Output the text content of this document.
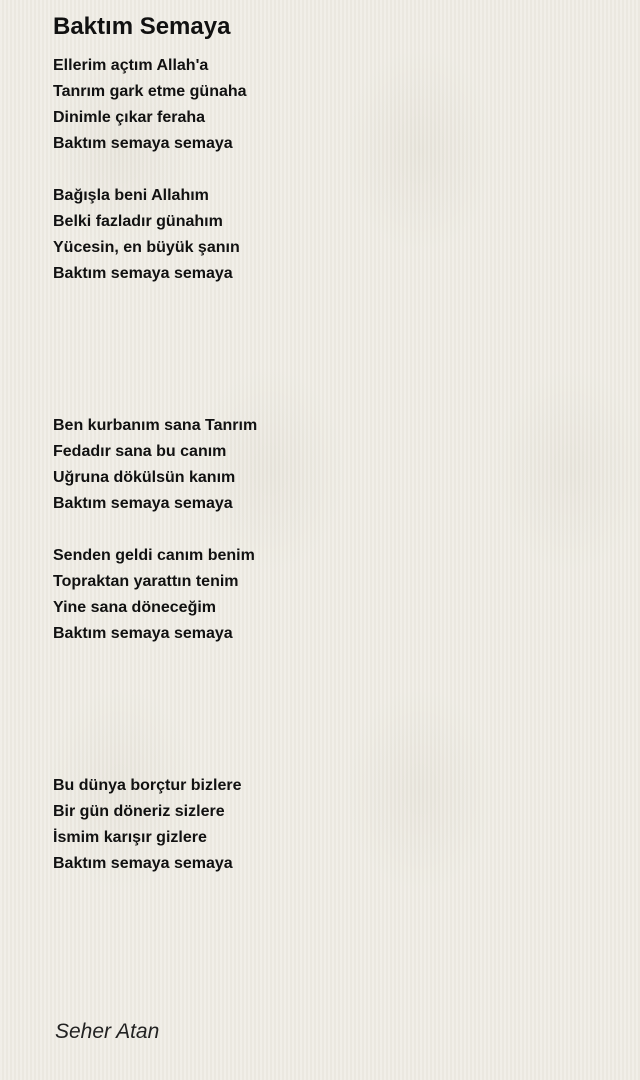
Baktım Semaya
Ellerim açtım Allah'a
Tanrım gark etme günaha
Dinimle çıkar feraha
Baktım semaya semaya
Bağışla beni Allahım
Belki fazladır günahım
Yücesin, en büyük şanın
Baktım semaya semaya
Ben kurbanım sana Tanrım
Fedadır sana bu canım
Uğruna dökülsün kanım
Baktım semaya semaya
Senden geldi canım benim
Topraktan yarattın tenim
Yine sana döneceğim
Baktım semaya semaya
Bu dünya borçtur bizlere
Bir gün döneriz sizlere
İsmim karışır gizlere
Baktım semaya semaya
Seher Atan
